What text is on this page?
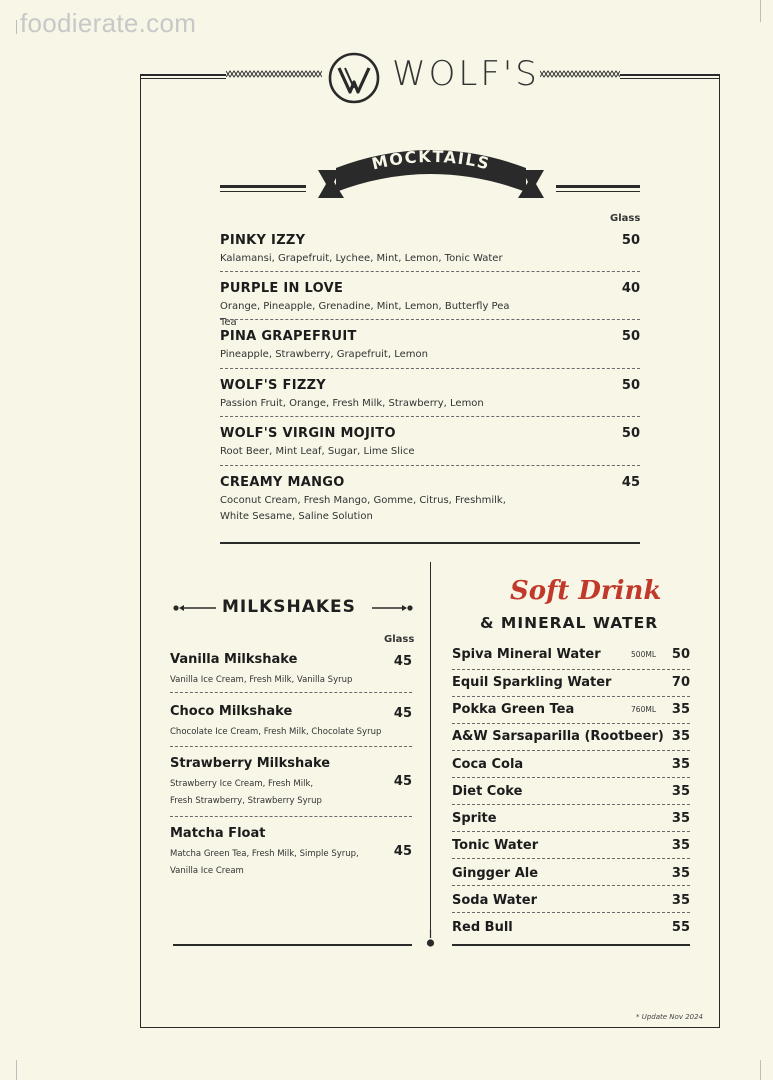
foodierate.com
WOLF'S
MOCKTAILS
Glass
PINKY IZZY
Kalamansi, Grapefruit, Lychee, Mint, Lemon, Tonic Water
50
PURPLE IN LOVE
Orange, Pineapple, Grenadine, Mint, Lemon, Butterfly Pea Tea
40
PINA GRAPEFRUIT
Pineapple, Strawberry, Grapefruit, Lemon
50
WOLF'S FIZZY
Passion Fruit, Orange, Fresh Milk, Strawberry, Lemon
50
WOLF'S VIRGIN MOJITO
Root Beer, Mint Leaf, Sugar, Lime Slice
50
CREAMY MANGO
Coconut Cream, Fresh Mango, Gomme, Citrus, Freshmilk, White Sesame, Saline Solution
45
MILKSHAKES
Glass
Vanilla Milkshake
Vanilla Ice Cream, Fresh Milk, Vanilla Syrup
45
Choco Milkshake
Chocolate Ice Cream, Fresh Milk, Chocolate Syrup
45
Strawberry Milkshake
Strawberry Ice Cream, Fresh Milk, Fresh Strawberry, Strawberry Syrup
45
Matcha Float
Matcha Green Tea, Fresh Milk, Simple Syrup, Vanilla Ice Cream
45
Soft Drink
& MINERAL WATER
Spiva Mineral Water	500ML 50
Equil Sparkling Water	70
Pokka Green Tea	760ML 35
A&W Sarsaparilla (Rootbeer) 35
Coca Cola	35
Diet Coke	35
Sprite	35
Tonic Water	35
Gingger Ale	35
Soda Water	35
Red Bull	55
* Update Nov 2024
